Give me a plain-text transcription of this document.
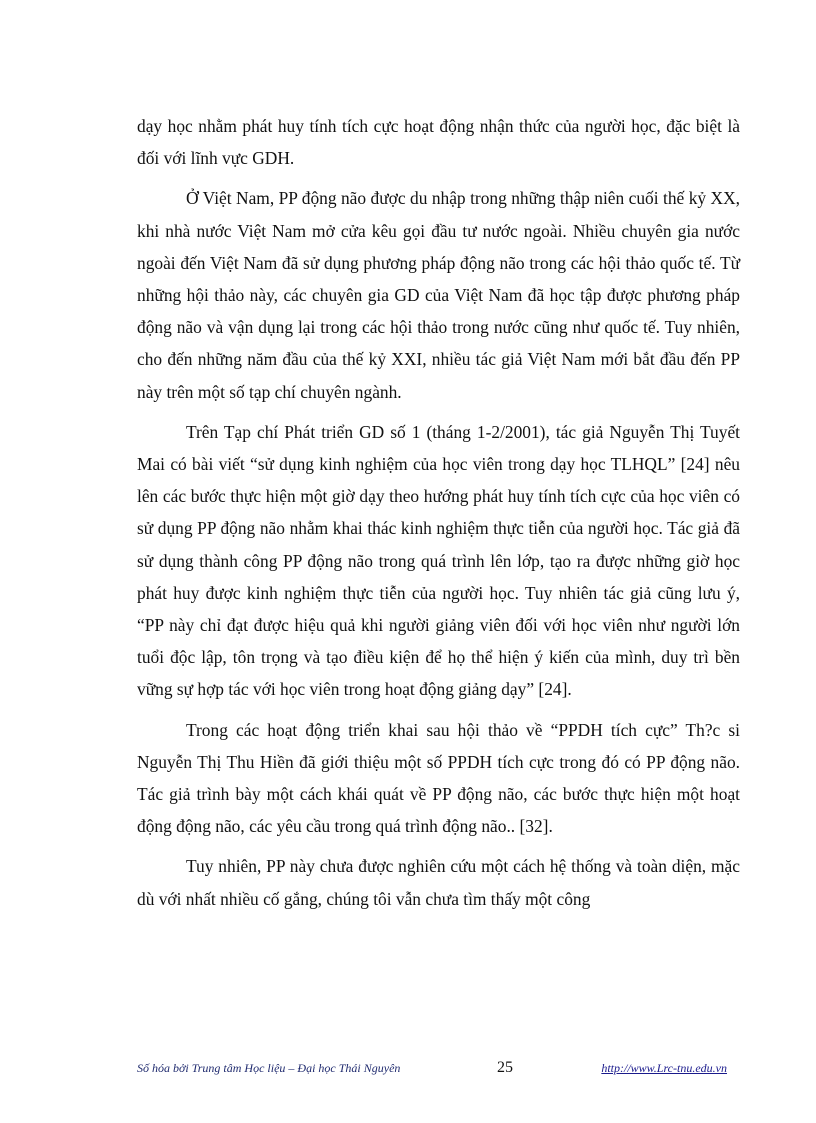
dạy học nhằm phát huy tính tích cực hoạt động nhận thức của người học, đặc biệt là đối với lĩnh vực GDH.

Ở Việt Nam, PP động não được du nhập trong những thập niên cuối thế kỷ XX, khi nhà nước Việt Nam mở cửa kêu gọi đầu tư nước ngoài. Nhiều chuyên gia nước ngoài đến Việt Nam đã sử dụng phương pháp động não trong các hội thảo quốc tế. Từ những hội thảo này, các chuyên gia GD của Việt Nam đã học tập được phương pháp động não và vận dụng lại trong các hội thảo trong nước cũng như quốc tế. Tuy nhiên, cho đến những năm đầu của thế kỷ XXI, nhiều tác giả Việt Nam mới bắt đầu đến PP này trên một số tạp chí chuyên ngành.

Trên Tạp chí Phát triển GD số 1 (tháng 1-2/2001), tác giả Nguyễn Thị Tuyết Mai có bài viết “sử dụng kinh nghiệm của học viên trong dạy học TLHQL” [24] nêu lên các bước thực hiện một giờ dạy theo hướng phát huy tính tích cực của học viên có sử dụng PP động não nhằm khai thác kinh nghiệm thực tiễn của người học. Tác giả đã sử dụng thành công PP động não trong quá trình lên lớp, tạo ra được những giờ học phát huy được kinh nghiệm thực tiễn của người học. Tuy nhiên tác giả cũng lưu ý, “PP này chỉ đạt được hiệu quả khi người giảng viên đối với học viên như người lớn tuổi độc lập, tôn trọng và tạo điều kiện để họ thể hiện ý kiến của mình, duy trì bền vững sự hợp tác với học viên trong hoạt động giảng dạy” [24].

Trong các hoạt động triển khai sau hội thảo về “PPDH tích cực” Th?c si Nguyễn Thị Thu Hiền đã giới thiệu một số PPDH tích cực trong đó có PP động não. Tác giả trình bày một cách khái quát về PP động não, các bước thực hiện một hoạt động động não, các yêu cầu trong quá trình động não.. [32].

Tuy nhiên, PP này chưa được nghiên cứu một cách hệ thống và toàn diện, mặc dù với nhất nhiều cố gắng, chúng tôi vẫn chưa tìm thấy một công

Số hóa bởi Trung tâm Học liệu – Đại học Thái Nguyên	25	http://www.Lrc-tnu.edu.vn
